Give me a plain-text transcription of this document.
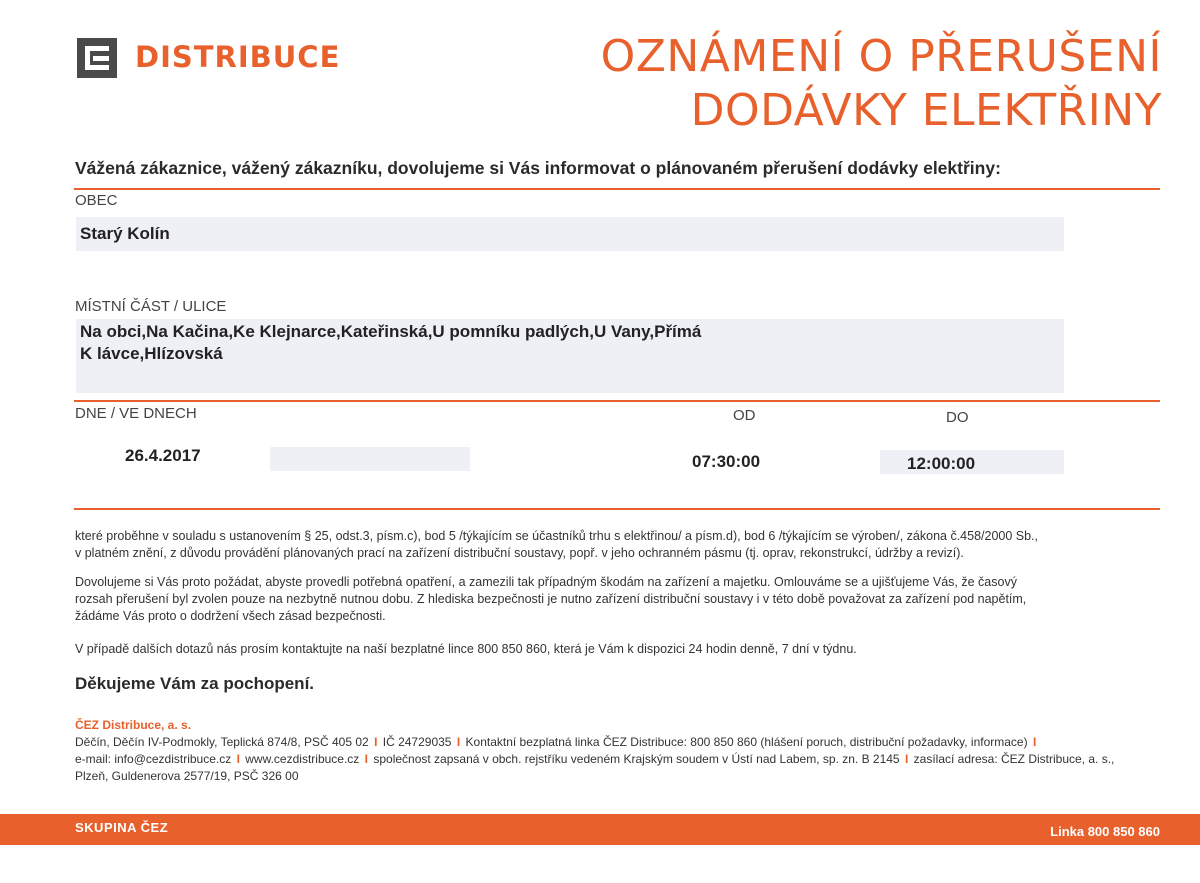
DISTRIBUCE	OZNÁMENÍ O PŘERUŠENÍ
DODÁVKY ELEKTŘINY
Vážená zákaznice, vážený zákazníku, dovolujeme si Vás informovat o plánovaném přerušení dodávky elektřiny:
OBEC
Starý Kolín
MÍSTNÍ ČÁST / ULICE
Na obci,Na Kačina,Ke Klejnarce,Kateřinská,U pomníku padlých,U Vany,Přímá
K lávce,Hlízovská
DNE / VE DNECH	OD	DO
26.4.2017	07:30:00	12:00:00
které proběhne v souladu s ustanovením § 25, odst.3, písm.c), bod 5 /týkajícím se účastníků trhu s elektřinou/ a písm.d), bod 6 /týkajícím se výroben/, zákona č.458/2000 Sb.,
v platném znění, z důvodu provádění plánovaných prací na zařízení distribuční soustavy, popř. v jeho ochranném pásmu (tj. oprav, rekonstrukcí, údržby a revizí).
Dovolujeme si Vás proto požádat, abyste provedli potřebná opatření, a zamezili tak případným škodám na zařízení a majetku. Omlouváme se a ujišťujeme Vás, že časový
rozsah přerušení byl zvolen pouze na nezbytně nutnou dobu. Z hlediska bezpečnosti je nutno zařízení distribuční soustavy i v této době považovat za zařízení pod napětím,
žádáme Vás proto o dodržení všech zásad bezpečnosti.
V případě dalších dotazů nás prosím kontaktujte na naší bezplatné lince 800 850 860, která je Vám k dispozici 24 hodin denně, 7 dní v týdnu.
Děkujeme Vám za pochopení.
ČEZ Distribuce, a. s.
Děčín, Děčín IV-Podmokly, Teplická 874/8, PSČ 405 02 I IČ 24729035 I Kontaktní bezplatná linka ČEZ Distribuce: 800 850 860 (hlášení poruch, distribuční požadavky, informace) I
e-mail: info@cezdistribuce.cz I www.cezdistribuce.cz I společnost zapsaná v obch. rejstříku vedeném Krajským soudem v Ústí nad Labem, sp. zn. B 2145 I zasílací adresa: ČEZ Distribuce, a. s.,
Plzeň, Guldenerova 2577/19, PSČ 326 00
SKUPINA ČEZ	Linka 800 850 860
